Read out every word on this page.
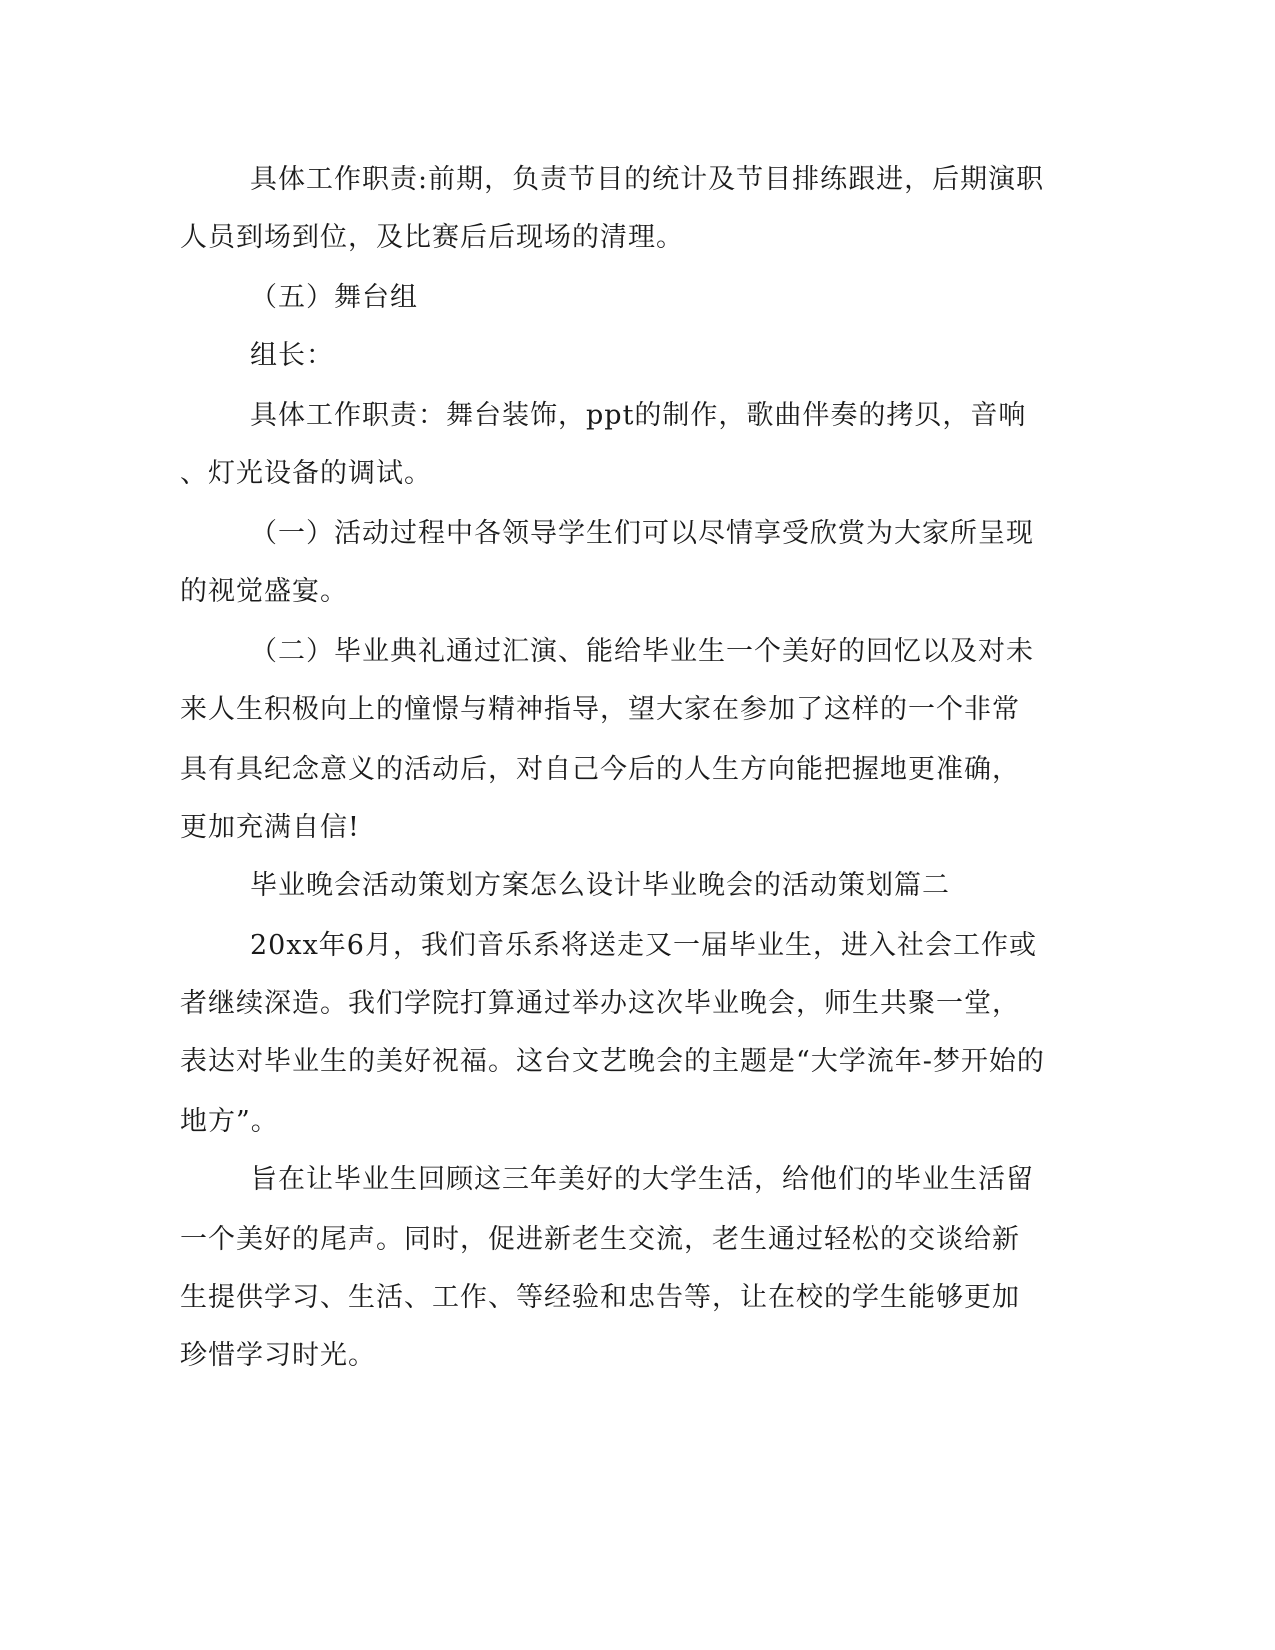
具体工作职责:前期，负责节目的统计及节目排练跟进，后期演职
人员到场到位，及比赛后后现场的清理。
（五）舞台组
组长：
具体工作职责：舞台装饰，ppt的制作，歌曲伴奏的拷贝，音响
、灯光设备的调试。
（一）活动过程中各领导学生们可以尽情享受欣赏为大家所呈现
的视觉盛宴。
（二）毕业典礼通过汇演、能给毕业生一个美好的回忆以及对未
来人生积极向上的憧憬与精神指导，望大家在参加了这样的一个非常
具有具纪念意义的活动后，对自己今后的人生方向能把握地更准确，
更加充满自信!
毕业晚会活动策划方案怎么设计毕业晚会的活动策划篇二
20xx年6月，我们音乐系将送走又一届毕业生，进入社会工作或
者继续深造。我们学院打算通过举办这次毕业晚会，师生共聚一堂，
表达对毕业生的美好祝福。这台文艺晚会的主题是“大学流年-梦开始的
地方”。
旨在让毕业生回顾这三年美好的大学生活，给他们的毕业生活留
一个美好的尾声。同时，促进新老生交流，老生通过轻松的交谈给新
生提供学习、生活、工作、等经验和忠告等，让在校的学生能够更加
珍惜学习时光。
